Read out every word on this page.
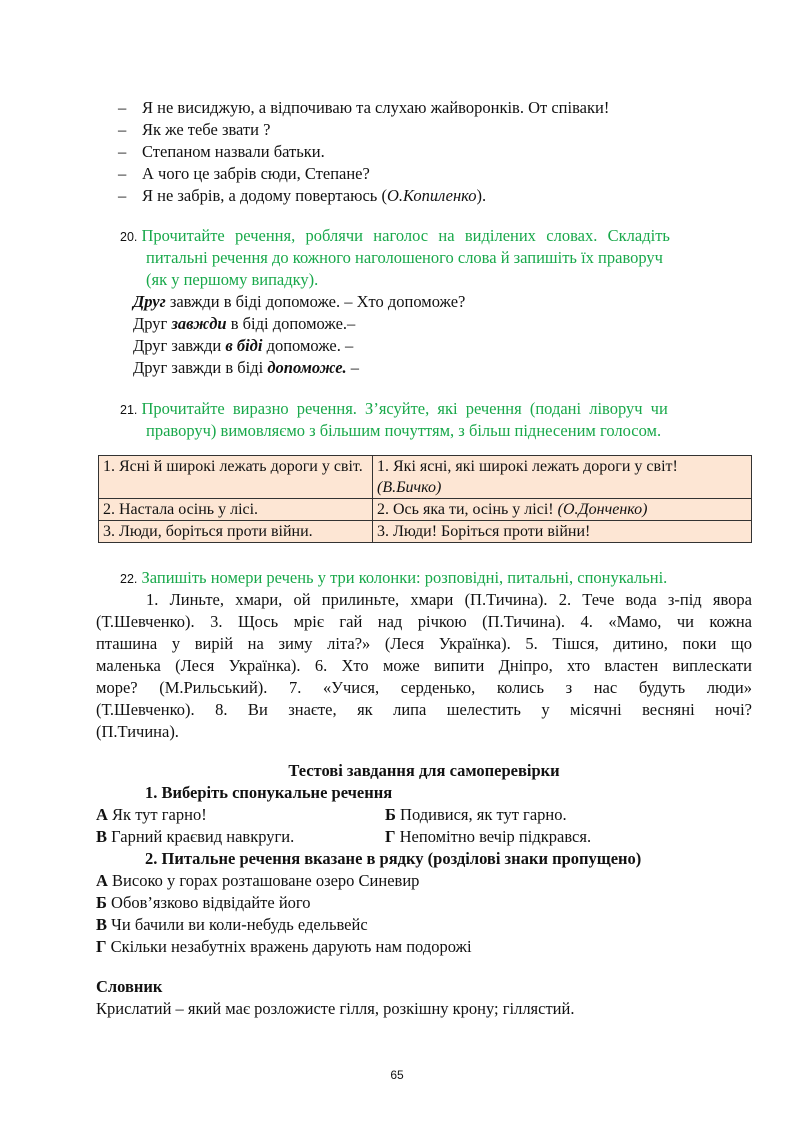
– Я не висиджую, а відпочиваю та слухаю жайворонків. От співаки!
– Як же тебе звати ?
– Степаном назвали батьки.
– А чого це забрів сюди, Степане?
– Я не забрів, а додому повертаюсь (О.Копиленко).
20. Прочитайте речення, роблячи наголос на виділених словах. Складіть
питальні речення до кожного наголошеного слова й запишіть їх праворуч
(як у першому випадку).
Друг завжди в біді допоможе. – Хто допоможе?
Друг завжди в біді допоможе.–
Друг завжди в біді допоможе. –
Друг завжди в біді допоможе. –
21. Прочитайте виразно речення. З’ясуйте, які речення (подані ліворуч чи
праворуч) вимовляємо з більшим почуттям, з більш піднесеним голосом.
1. Ясні й широкі лежать дороги у світ.	1. Які ясні, які широкі лежать дороги у світ!
(В.Бичко)
2. Настала осінь у лісі.	2. Ось яка ти, осінь у лісі! (О.Донченко)
3. Люди, боріться проти війни.	3. Люди! Боріться проти війни!
22. Запишіть номери речень у три колонки: розповідні, питальні, спонукальні.
1. Линьте, хмари, ой прилиньте, хмари (П.Тичина). 2. Тече вода з-під явора
(Т.Шевченко). 3. Щось мріє гай над річкою (П.Тичина). 4. «Мамо, чи кожна
пташина у вирій на зиму літа?» (Леся Українка). 5. Тішся, дитино, поки що
маленька (Леся Українка). 6. Хто може випити Дніпро, хто властен виплескати
море? (М.Рильський). 7. «Учися, серденько, колись з нас будуть люди»
(Т.Шевченко). 8. Ви знаєте, як липа шелестить у місячні весняні ночі?
(П.Тичина).
Тестові завдання для самоперевірки
1. Виберіть спонукальне речення
А Як тут гарно!	Б Подивися, як тут гарно.
В Гарний краєвид навкруги.	Г Непомітно вечір підкрався.
2. Питальне речення вказане в рядку (розділові знаки пропущено)
А Високо у горах розташоване озеро Синевир
Б Обов’язково відвідайте його
В Чи бачили ви коли-небудь едельвейс
Г Скільки незабутніх вражень дарують нам подорожі
Словник
Крислатий – який має розложисте гілля, розкішну крону; гіллястий.
65
